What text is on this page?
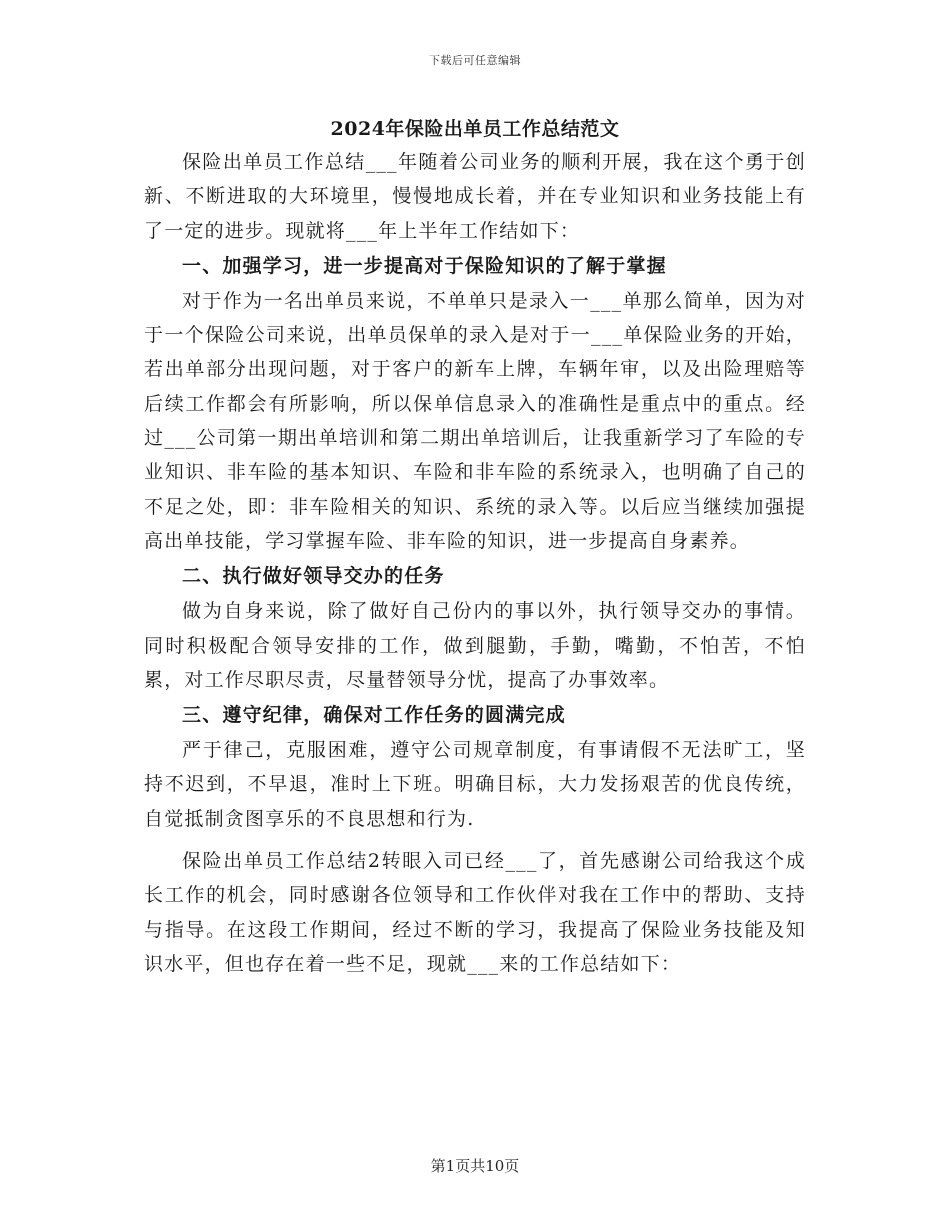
下载后可任意编辑
2024年保险出单员工作总结范文

保险出单员工作总结___年随着公司业务的顺利开展，我在这个勇于创新、不断进取的大环境里，慢慢地成长着，并在专业知识和业务技能上有了一定的进步。现就将___年上半年工作结如下：

一、加强学习，进一步提高对于保险知识的了解于掌握

对于作为一名出单员来说，不单单只是录入一___单那么简单，因为对于一个保险公司来说，出单员保单的录入是对于一___单保险业务的开始，若出单部分出现问题，对于客户的新车上牌，车辆年审，以及出险理赔等后续工作都会有所影响，所以保单信息录入的准确性是重点中的重点。经过___公司第一期出单培训和第二期出单培训后，让我重新学习了车险的专业知识、非车险的基本知识、车险和非车险的系统录入，也明确了自己的不足之处，即：非车险相关的知识、系统的录入等。以后应当继续加强提高出单技能，学习掌握车险、非车险的知识，进一步提高自身素养。

二、执行做好领导交办的任务

做为自身来说，除了做好自己份内的事以外，执行领导交办的事情。同时积极配合领导安排的工作，做到腿勤，手勤，嘴勤，不怕苦，不怕累，对工作尽职尽责，尽量替领导分忧，提高了办事效率。

三、遵守纪律，确保对工作任务的圆满完成

严于律己，克服困难，遵守公司规章制度，有事请假不无法旷工，坚持不迟到，不早退，准时上下班。明确目标，大力发扬艰苦的优良传统，自觉抵制贪图享乐的不良思想和行为.

保险出单员工作总结2转眼入司已经___了，首先感谢公司给我这个成长工作的机会，同时感谢各位领导和工作伙伴对我在工作中的帮助、支持与指导。在这段工作期间，经过不断的学习，我提高了保险业务技能及知识水平，但也存在着一些不足，现就___来的工作总结如下：

第1页共10页
